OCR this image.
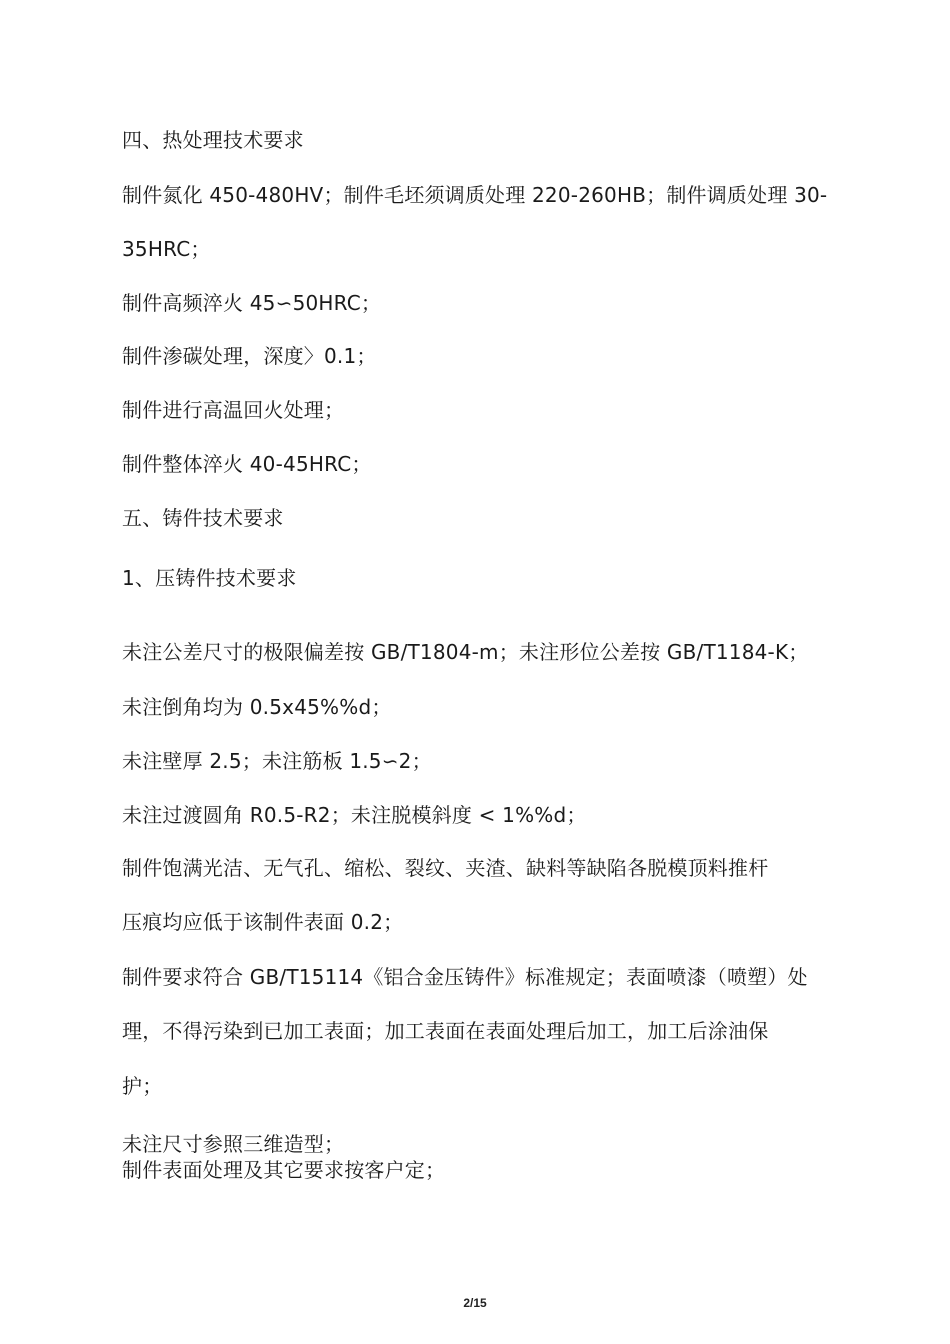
四、热处理技术要求
制件氮化 450-480HV；制件毛坯须调质处理 220-260HB；制件调质处理 30-
35HRC；
制件高频淬火 45∽50HRC；
制件渗碳处理，深度〉0.1；
制件进行高温回火处理；
制件整体淬火 40-45HRC；
五、铸件技术要求
1、压铸件技术要求
未注公差尺寸的极限偏差按 GB/T1804-m；未注形位公差按 GB/T1184-K；
未注倒角均为 0.5x45%%d；
未注壁厚 2.5；未注筋板 1.5∽2；
未注过渡圆角 R0.5-R2；未注脱模斜度 < 1%%d；
制件饱满光洁、无气孔、缩松、裂纹、夹渣、缺料等缺陷各脱模顶料推杆
压痕均应低于该制件表面 0.2；
制件要求符合 GB/T15114《铝合金压铸件》标准规定；表面喷漆（喷塑）处
理，不得污染到已加工表面；加工表面在表面处理后加工，加工后涂油保
护；
未注尺寸参照三维造型；
制件表面处理及其它要求按客户定；
2/15
